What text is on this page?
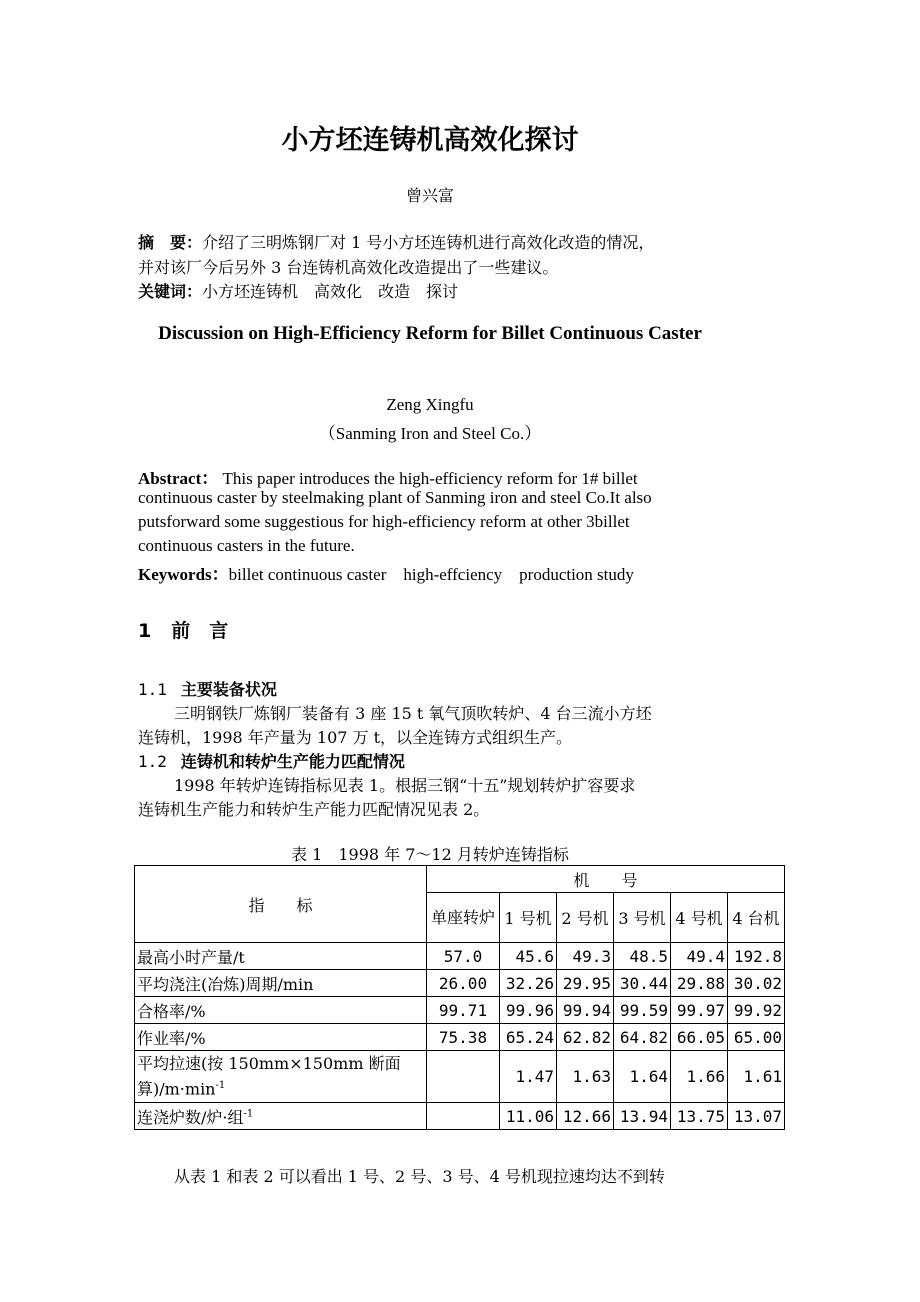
小方坯连铸机高效化探讨
曾兴富
摘　要：介绍了三明炼钢厂对 1 号小方坯连铸机进行高效化改造的情况，
并对该厂今后另外 3 台连铸机高效化改造提出了一些建议。
关键词：小方坯连铸机　高效化　改造　探讨
Discussion on High-Efficiency Reform for Billet Continuous Caster
Zeng Xingfu
（Sanming Iron and Steel Co.）
Abstract： This paper introduces the high-efficiency reform for 1# billet
continuous caster by steelmaking plant of Sanming iron and steel Co.It also
putsforward some suggestious for high-efficiency reform at other 3billet
continuous casters in the future.
Keywords：billet continuous caster　high-effciency　production study
1 前　言
1.1 主要装备状况
三明钢铁厂炼钢厂装备有 3 座 15 t 氧气顶吹转炉、4 台三流小方坯
连铸机，1998 年产量为 107 万 t，以全连铸方式组织生产。
1.2 连铸机和转炉生产能力匹配情况
1998 年转炉连铸指标见表 1。根据三钢“十五”规划转炉扩容要求
连铸机生产能力和转炉生产能力匹配情况见表 2。
表 1　1998 年 7～12 月转炉连铸指标
指　　标	机　　号					
	单座转炉	1 号机	2 号机	3 号机	4 号机	4 台机
最高小时产量/t	57.0	45.6	49.3	48.5	49.4	192.8
平均浇注(冶炼)周期/min	26.00	32.26	29.95	30.44	29.88	30.02
合格率/%	99.71	99.96	99.94	99.59	99.97	99.92
作业率/%	75.38	65.24	62.82	64.82	66.05	65.00
平均拉速(按 150mm×150mm 断面
算)$/m\cdot\min^{-1}$		1.47	1.63	1.64	1.66	1.61
连浇炉数/炉·组$^{-1}$		11.06	12.66	13.94	13.75	13.07
从表 1 和表 2 可以看出 1 号、2 号、3 号、4 号机现拉速均达不到转
